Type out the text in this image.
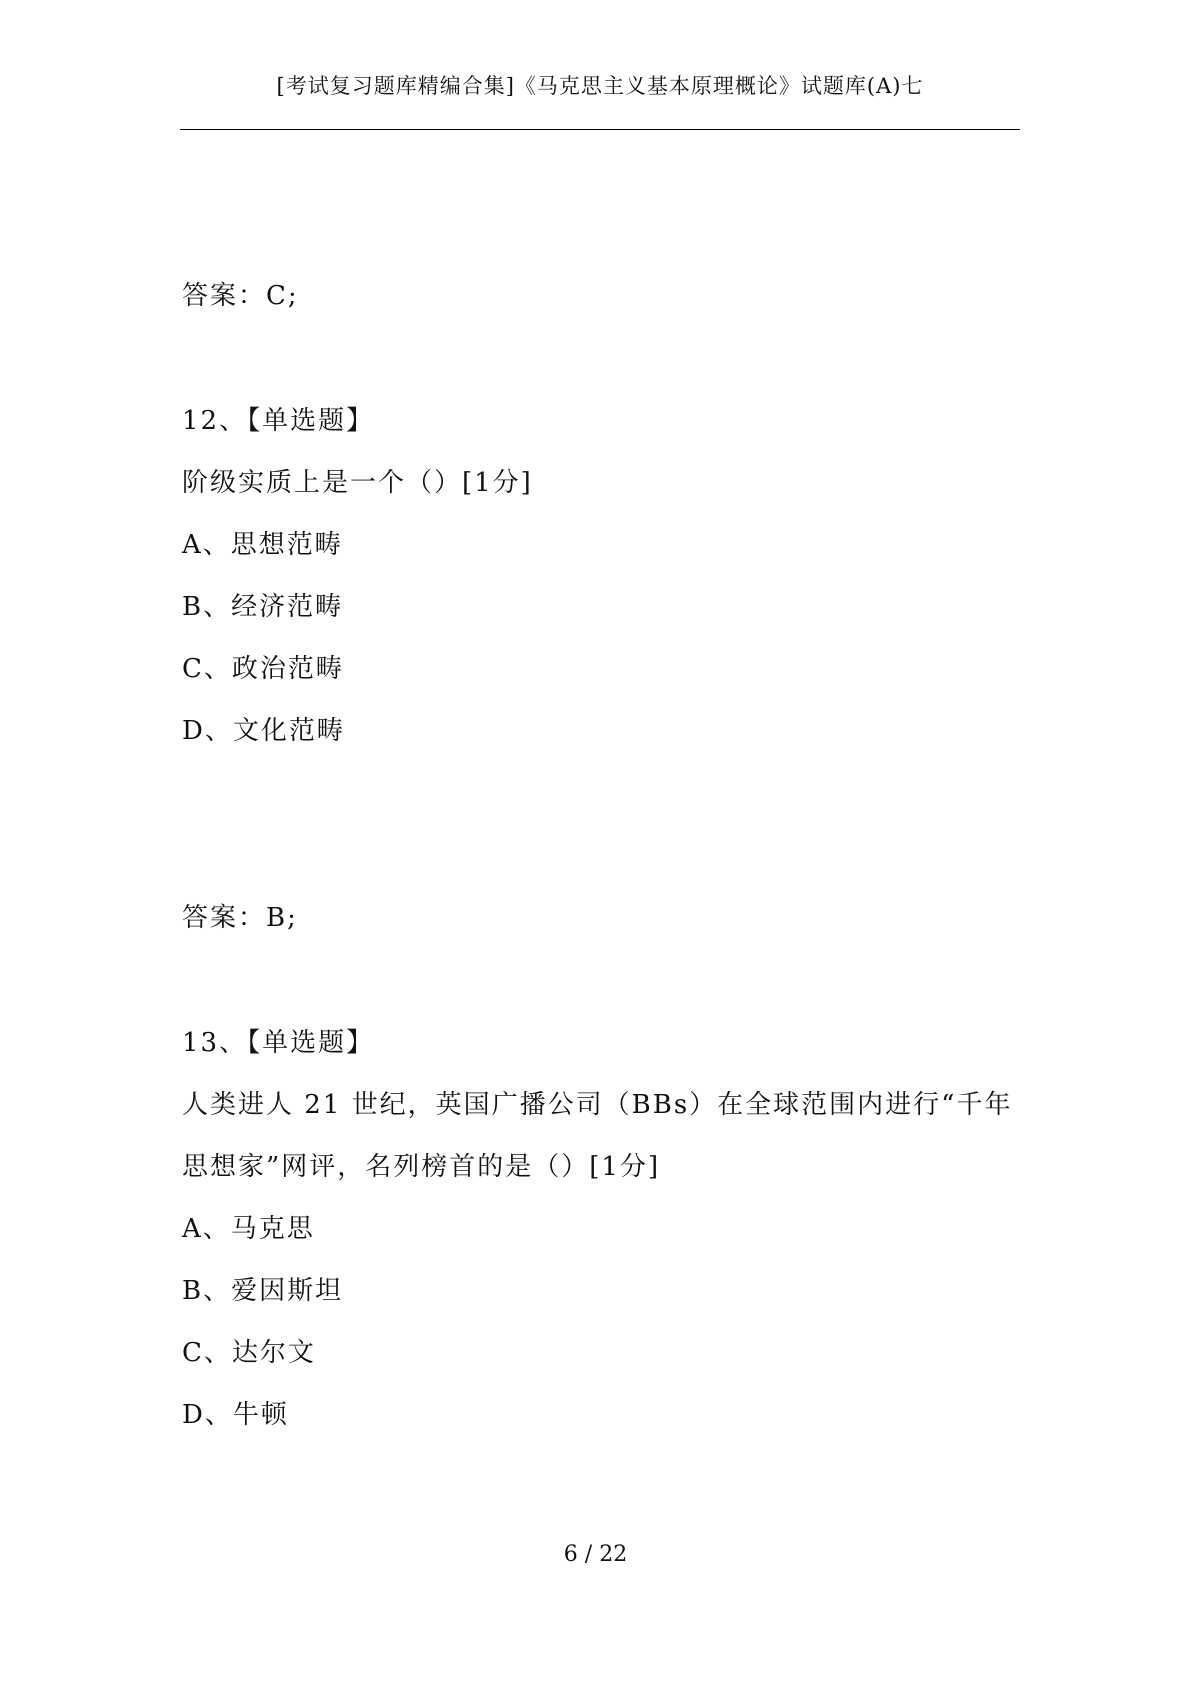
[考试复习题库精编合集]《马克思主义基本原理概论》试题库(A)七
答案：C;
12、【单选题】
阶级实质上是一个（）[1分]
A、思想范畴
B、经济范畴
C、政治范畴
D、文化范畴
答案：B;
13、【单选题】
人类进人 21 世纪，英国广播公司（BBs）在全球范围内进行“千年
思想家”网评，名列榜首的是（）[1分]
A、马克思
B、爱因斯坦
C、达尔文
D、牛顿
6 / 22
